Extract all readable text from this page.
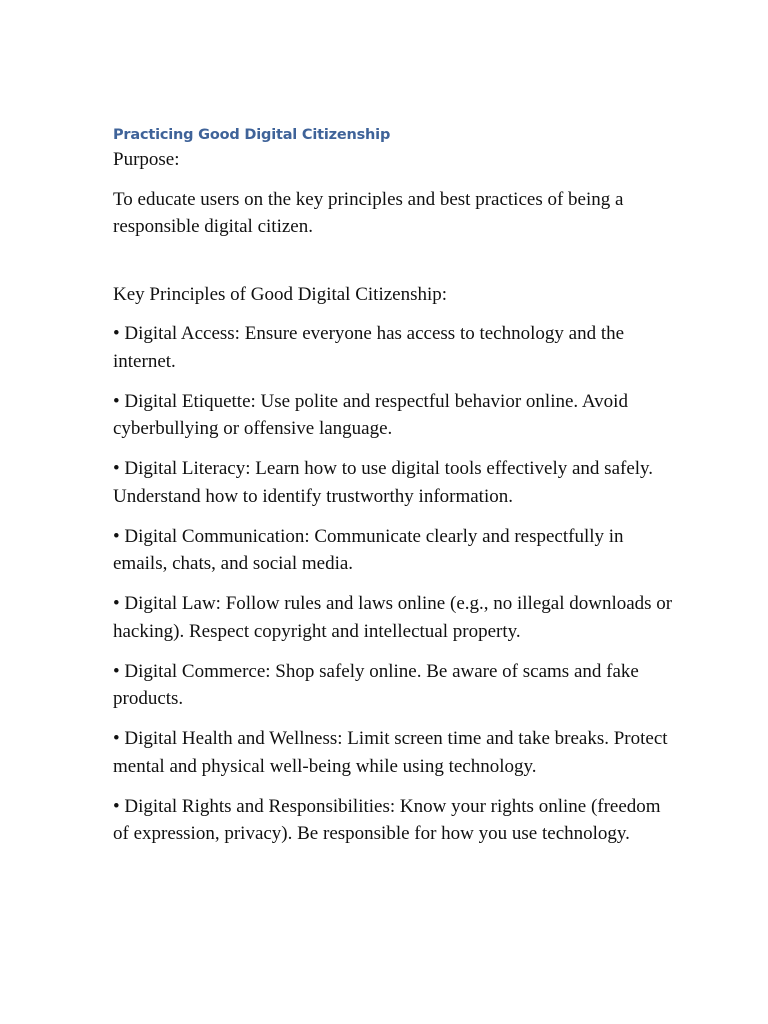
Practicing Good Digital Citizenship

Purpose:

To educate users on the key principles and best practices of being a responsible digital citizen.

Key Principles of Good Digital Citizenship:

• Digital Access: Ensure everyone has access to technology and the internet.

• Digital Etiquette: Use polite and respectful behavior online. Avoid cyberbullying or offensive language.

• Digital Literacy: Learn how to use digital tools effectively and safely. Understand how to identify trustworthy information.

• Digital Communication: Communicate clearly and respectfully in emails, chats, and social media.

• Digital Law: Follow rules and laws online (e.g., no illegal downloads or hacking). Respect copyright and intellectual property.

• Digital Commerce: Shop safely online. Be aware of scams and fake products.

• Digital Health and Wellness: Limit screen time and take breaks. Protect mental and physical well-being while using technology.

• Digital Rights and Responsibilities: Know your rights online (freedom of expression, privacy). Be responsible for how you use technology.
